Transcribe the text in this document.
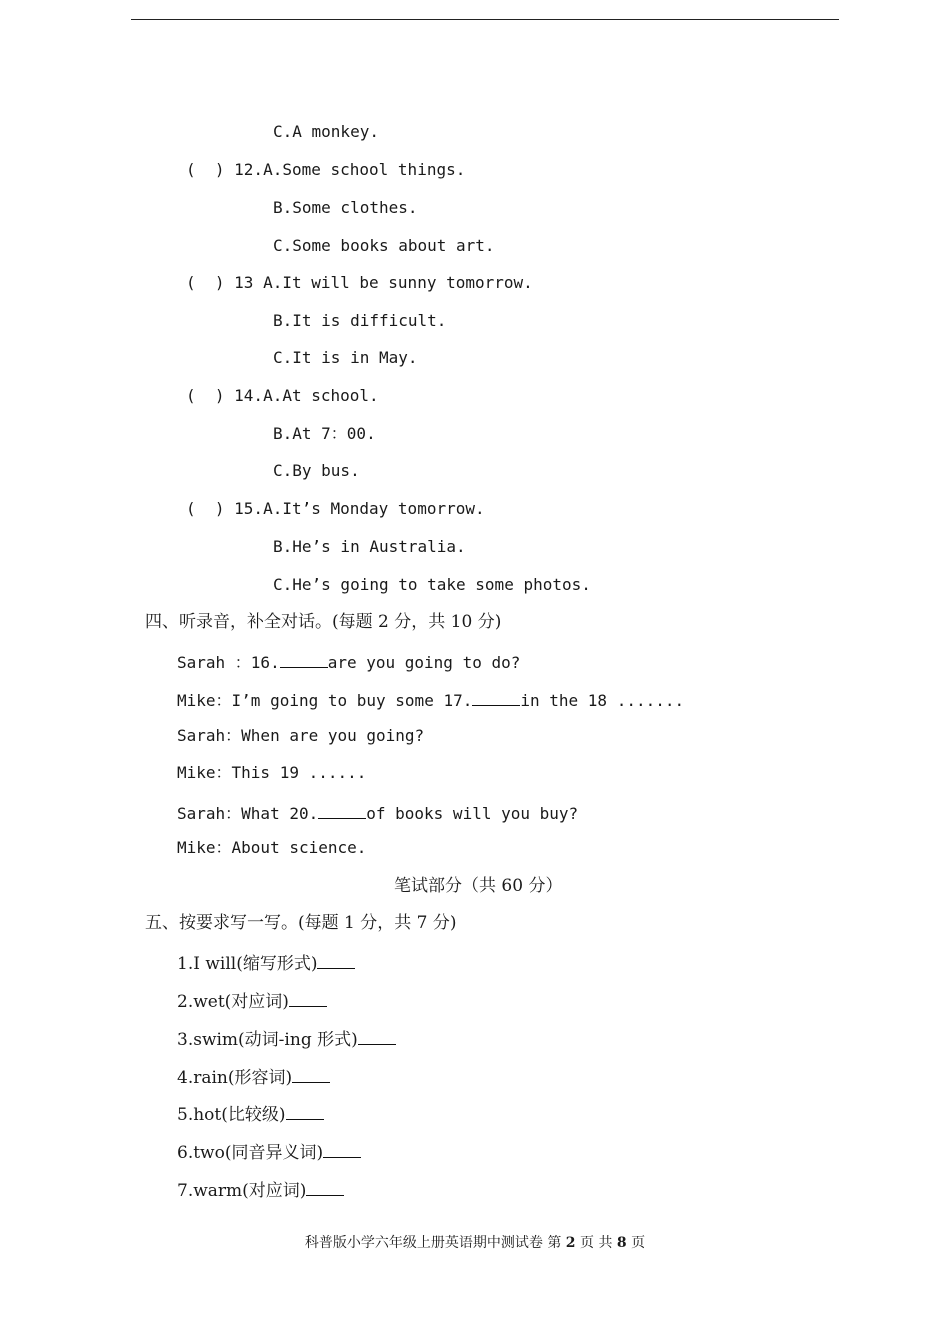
C.A monkey.
(  ) 12.A.Some school things.
B.Some clothes.
C.Some books about art.
(  ) 13 A.It will be sunny tomorrow.
B.It is difficult.
C.It is in May.
(  ) 14.A.At school.
B.At 7：00.
C.By bus.
(  ) 15.A.It’s Monday tomorrow.
B.He’s in Australia.
C.He’s going to take some photos.
四、听录音，补全对话。(每题 2 分，共 10 分)
Sarah ：16.	are you going to do?
Mike：I’m going to buy some 17.	in the 18 .......
Sarah：When are you going?
Mike：This 19 ......
Sarah：What 20.	of books will you buy?
Mike：About science.
笔试部分（共 60 分）
五、按要求写一写。(每题 1 分，共 7 分)
1.I will(缩写形式)
2.wet(对应词)
3.swim(动词-ing 形式)
4.rain(形容词)
5.hot(比较级)
6.two(同音异义词)
7.warm(对应词)
科普版小学六年级上册英语期中测试卷 第 2 页 共 8 页
